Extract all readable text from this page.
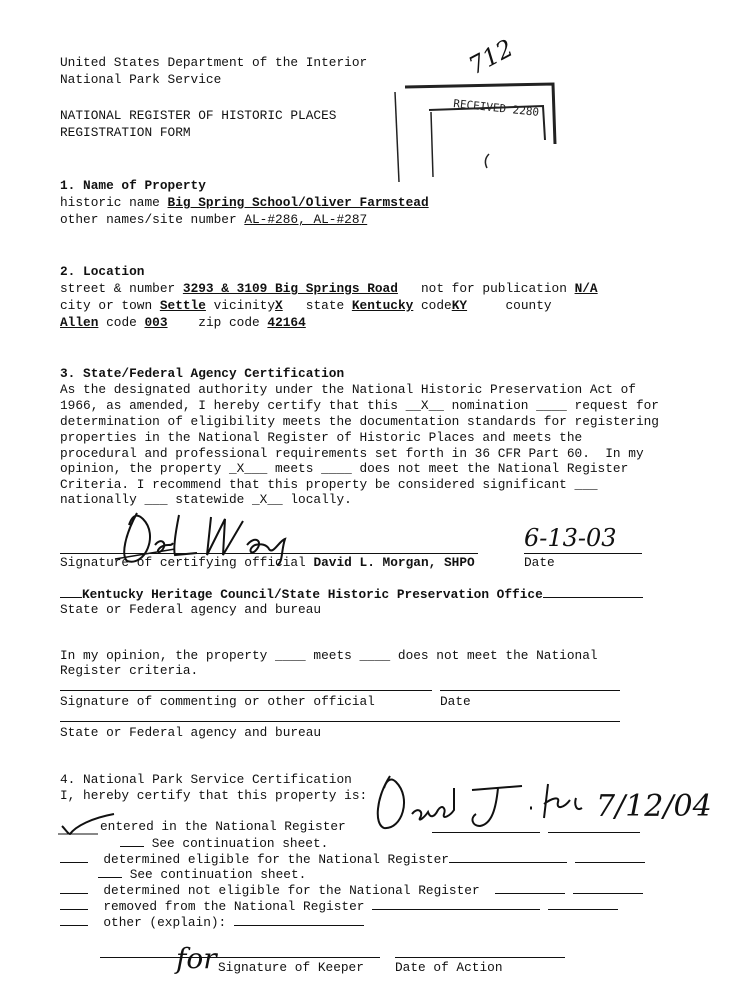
United States Department of the Interior
National Park Service
NATIONAL REGISTER OF HISTORIC PLACES
REGISTRATION FORM
712
RECEIVED 2280
1. Name of Property
historic name Big Spring School/Oliver Farmstead
other names/site number AL-#286, AL-#287
2. Location
street & number 3293 & 3109 Big Springs Road not for publication N/A
city or town Settle vicinityX state Kentucky codeKY	county
Allen code 003 zip code 42164
3. State/Federal Agency Certification
As the designated authority under the National Historic Preservation Act of
1966, as amended, I hereby certify that this __X__ nomination ____ request for
determination of eligibility meets the documentation standards for registering
properties in the National Register of Historic Places and meets the
procedural and professional requirements set forth in 36 CFR Part 60.  In my
opinion, the property _X___ meets ____ does not meet the National Register
Criteria. I recommend that this property be considered significant ___
nationally ___ statewide _X__ locally.
6-13-03
Signature of certifying official David L. Morgan, SHPO	Date
Kentucky Heritage Council/State Historic Preservation Office
State or Federal agency and bureau
In my opinion, the property ____ meets ____ does not meet the National
Register criteria.
Signature of commenting or other official	Date
State or Federal agency and bureau
4. National Park Service Certification
I, hereby certify that this property is:	7/12/04
entered in the National Register
See continuation sheet.
determined eligible for the National Register
See continuation sheet.
determined not eligible for the National Register
removed from the National Register
other (explain):
for Signature of Keeper Date of Action
